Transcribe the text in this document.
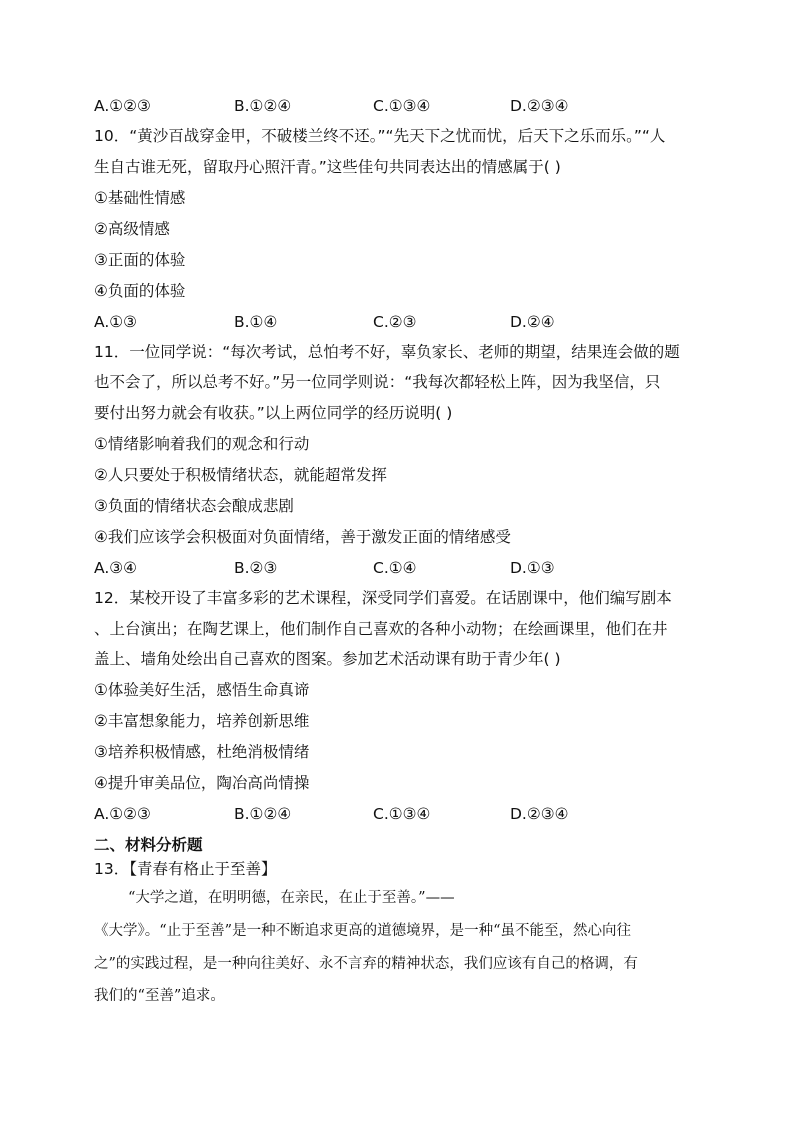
A.①②③	B.①②④	C.①③④	D.②③④
10．“黄沙百战穿金甲，不破楼兰终不还。”“先天下之忧而忧，后天下之乐而乐。”“人
生自古谁无死，留取丹心照汗青。”这些佳句共同表达出的情感属于( )
①基础性情感
②高级情感
③正面的体验
④负面的体验
A.①③	B.①④	C.②③	D.②④
11．一位同学说：“每次考试，总怕考不好，辜负家长、老师的期望，结果连会做的题
也不会了，所以总考不好。”另一位同学则说：“我每次都轻松上阵，因为我坚信，只
要付出努力就会有收获。”以上两位同学的经历说明( )
①情绪影响着我们的观念和行动
②人只要处于积极情绪状态，就能超常发挥
③负面的情绪状态会酿成悲剧
④我们应该学会积极面对负面情绪，善于激发正面的情绪感受
A.③④	B.②③	C.①④	D.①③
12．某校开设了丰富多彩的艺术课程，深受同学们喜爱。在话剧课中，他们编写剧本
、上台演出；在陶艺课上，他们制作自己喜欢的各种小动物；在绘画课里，他们在井
盖上、墙角处绘出自己喜欢的图案。参加艺术活动课有助于青少年( )
①体验美好生活，感悟生命真谛
②丰富想象能力，培养创新思维
③培养积极情感，杜绝消极情绪
④提升审美品位，陶冶高尚情操
A.①②③	B.①②④	C.①③④	D.②③④
二、材料分析题
13．【青春有格止于至善】
“大学之道，在明明德，在亲民，在止于至善。”——
《大学》。“止于至善”是一种不断追求更高的道德境界，是一种“虽不能至，然心向往
之”的实践过程，是一种向往美好、永不言弃的精神状态，我们应该有自己的格调，有
我们的“至善”追求。
